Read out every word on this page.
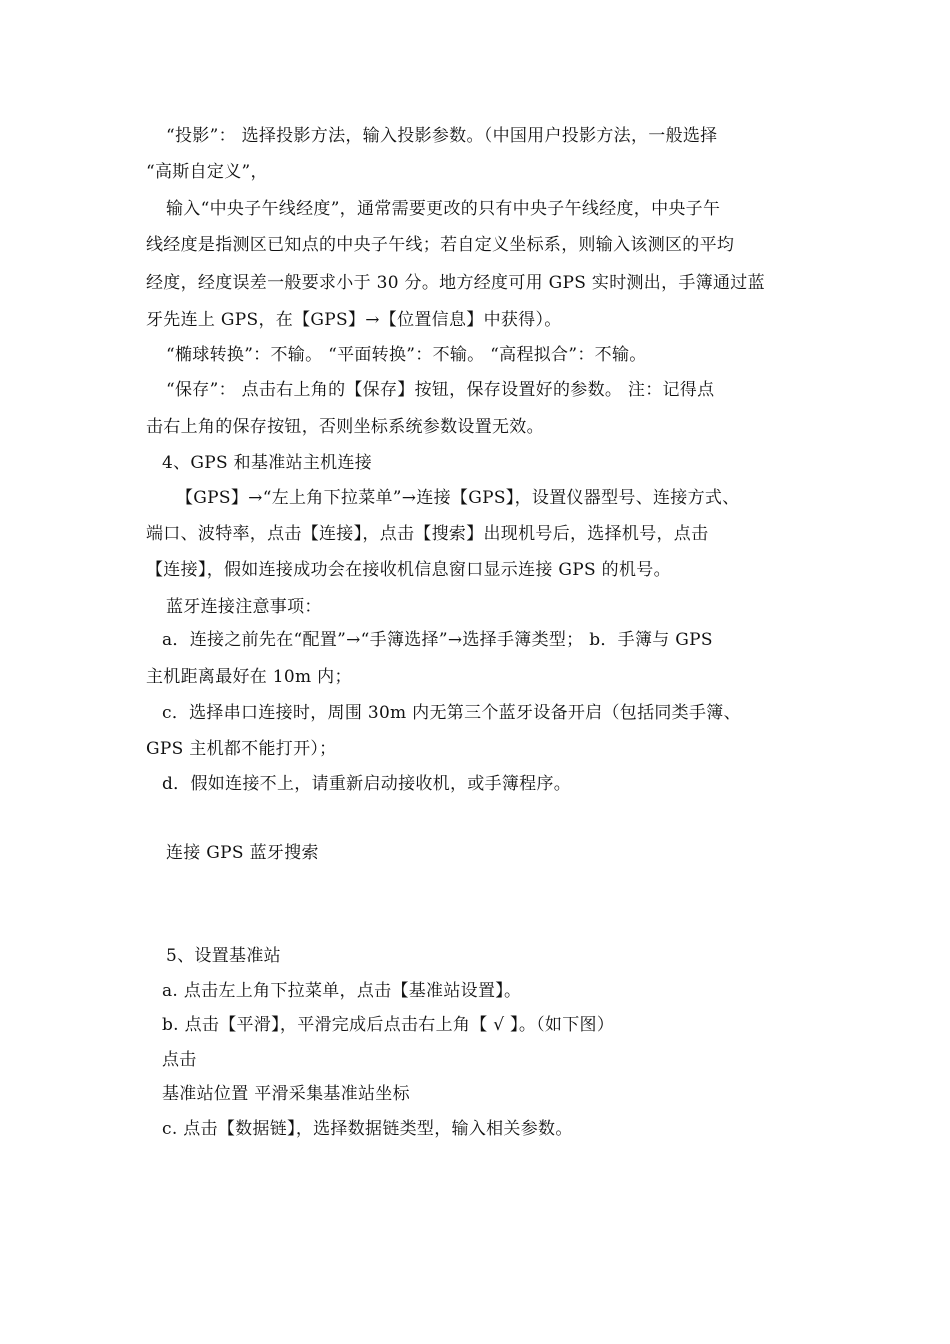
“投影”： 选择投影方法，输入投影参数。（中国用户投影方法，一般选择
“高斯自定义”，
输入“中央子午线经度”，通常需要更改的只有中央子午线经度，中央子午
线经度是指测区已知点的中央子午线；若自定义坐标系，则输入该测区的平均
经度，经度误差一般要求小于 30 分。地方经度可用 GPS 实时测出，手簿通过蓝
牙先连上 GPS，在【GPS】→【位置信息】中获得）。
“椭球转换”：不输。 “平面转换”：不输。 “高程拟合”：不输。
“保存”： 点击右上角的【保存】按钮，保存设置好的参数。 注：记得点
击右上角的保存按钮，否则坐标系统参数设置无效。
4、GPS 和基准站主机连接
【GPS】→“左上角下拉菜单”→连接【GPS】，设置仪器型号、连接方式、
端口、波特率，点击【连接】，点击【搜索】出现机号后，选择机号，点击
【连接】，假如连接成功会在接收机信息窗口显示连接 GPS 的机号。
蓝牙连接注意事项：
a．连接之前先在“配置”→“手簿选择”→选择手簿类型； b．手簿与 GPS
主机距离最好在 10m 内；
c．选择串口连接时，周围 30m 内无第三个蓝牙设备开启（包括同类手簿、
GPS 主机都不能打开）；
d．假如连接不上，请重新启动接收机，或手簿程序。
连接 GPS 蓝牙搜索
5、设置基准站
a. 点击左上角下拉菜单，点击【基准站设置】。
b. 点击【平滑】，平滑完成后点击右上角【 √ 】。（如下图）
点击
基准站位置 平滑采集基准站坐标
c. 点击【数据链】，选择数据链类型，输入相关参数。
